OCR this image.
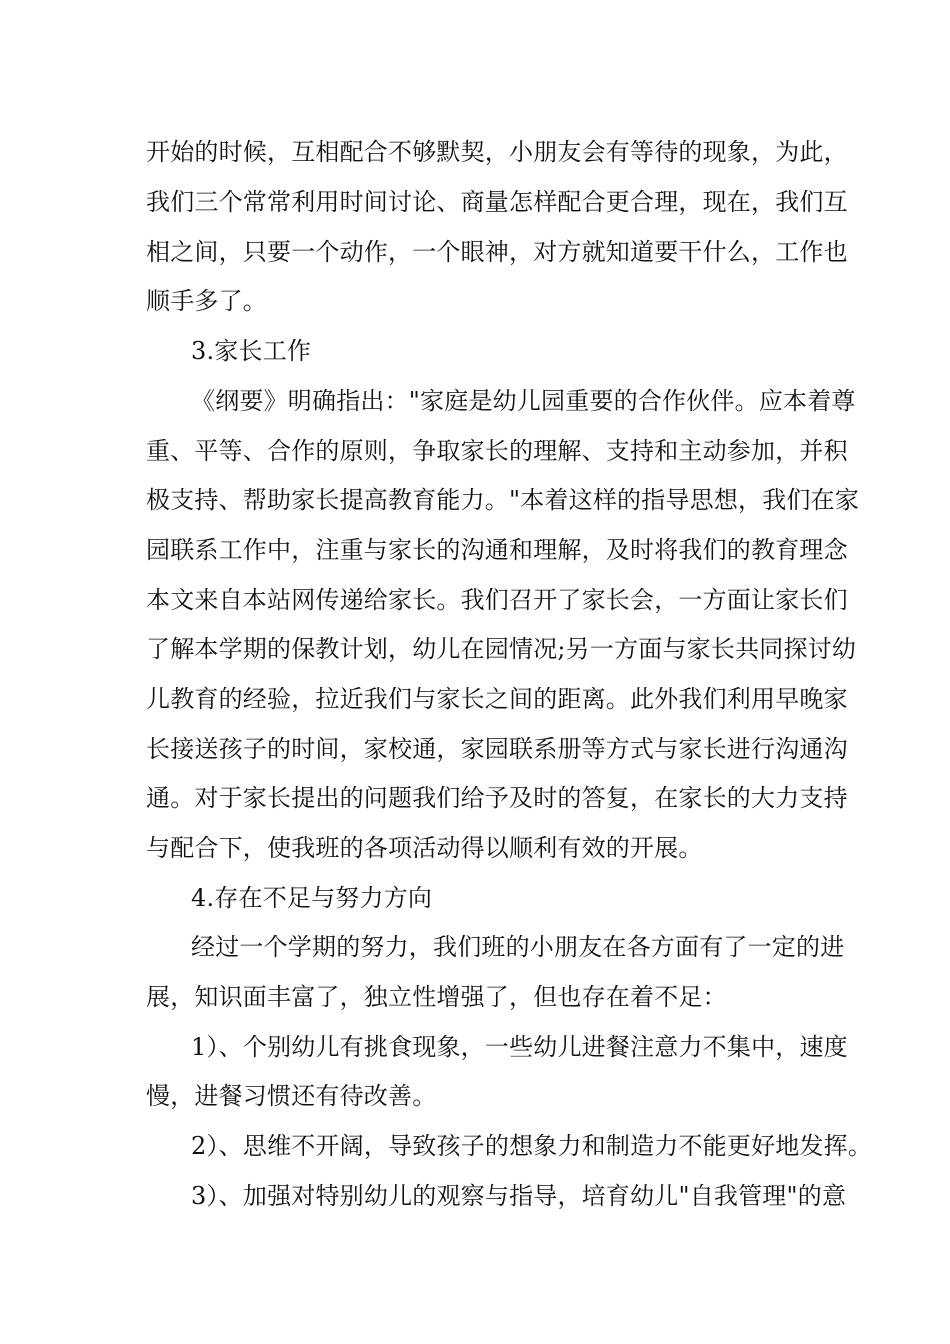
开始的时候，互相配合不够默契，小朋友会有等待的现象，为此，
我们三个常常利用时间讨论、商量怎样配合更合理，现在，我们互
相之间，只要一个动作，一个眼神，对方就知道要干什么，工作也
顺手多了。
3.家长工作
《纲要》明确指出："家庭是幼儿园重要的合作伙伴。应本着尊
重、平等、合作的原则，争取家长的理解、支持和主动参加，并积
极支持、帮助家长提高教育能力。"本着这样的指导思想，我们在家
园联系工作中，注重与家长的沟通和理解，及时将我们的教育理念
本文来自本站网传递给家长。我们召开了家长会，一方面让家长们
了解本学期的保教计划，幼儿在园情况;另一方面与家长共同探讨幼
儿教育的经验，拉近我们与家长之间的距离。此外我们利用早晚家
长接送孩子的时间，家校通，家园联系册等方式与家长进行沟通沟
通。对于家长提出的问题我们给予及时的答复，在家长的大力支持
与配合下，使我班的各项活动得以顺利有效的开展。
4.存在不足与努力方向
经过一个学期的努力，我们班的小朋友在各方面有了一定的进
展，知识面丰富了，独立性增强了，但也存在着不足：
1）、个别幼儿有挑食现象，一些幼儿进餐注意力不集中，速度
慢，进餐习惯还有待改善。
2）、思维不开阔，导致孩子的想象力和制造力不能更好地发挥。
3）、加强对特别幼儿的观察与指导，培育幼儿"自我管理"的意
